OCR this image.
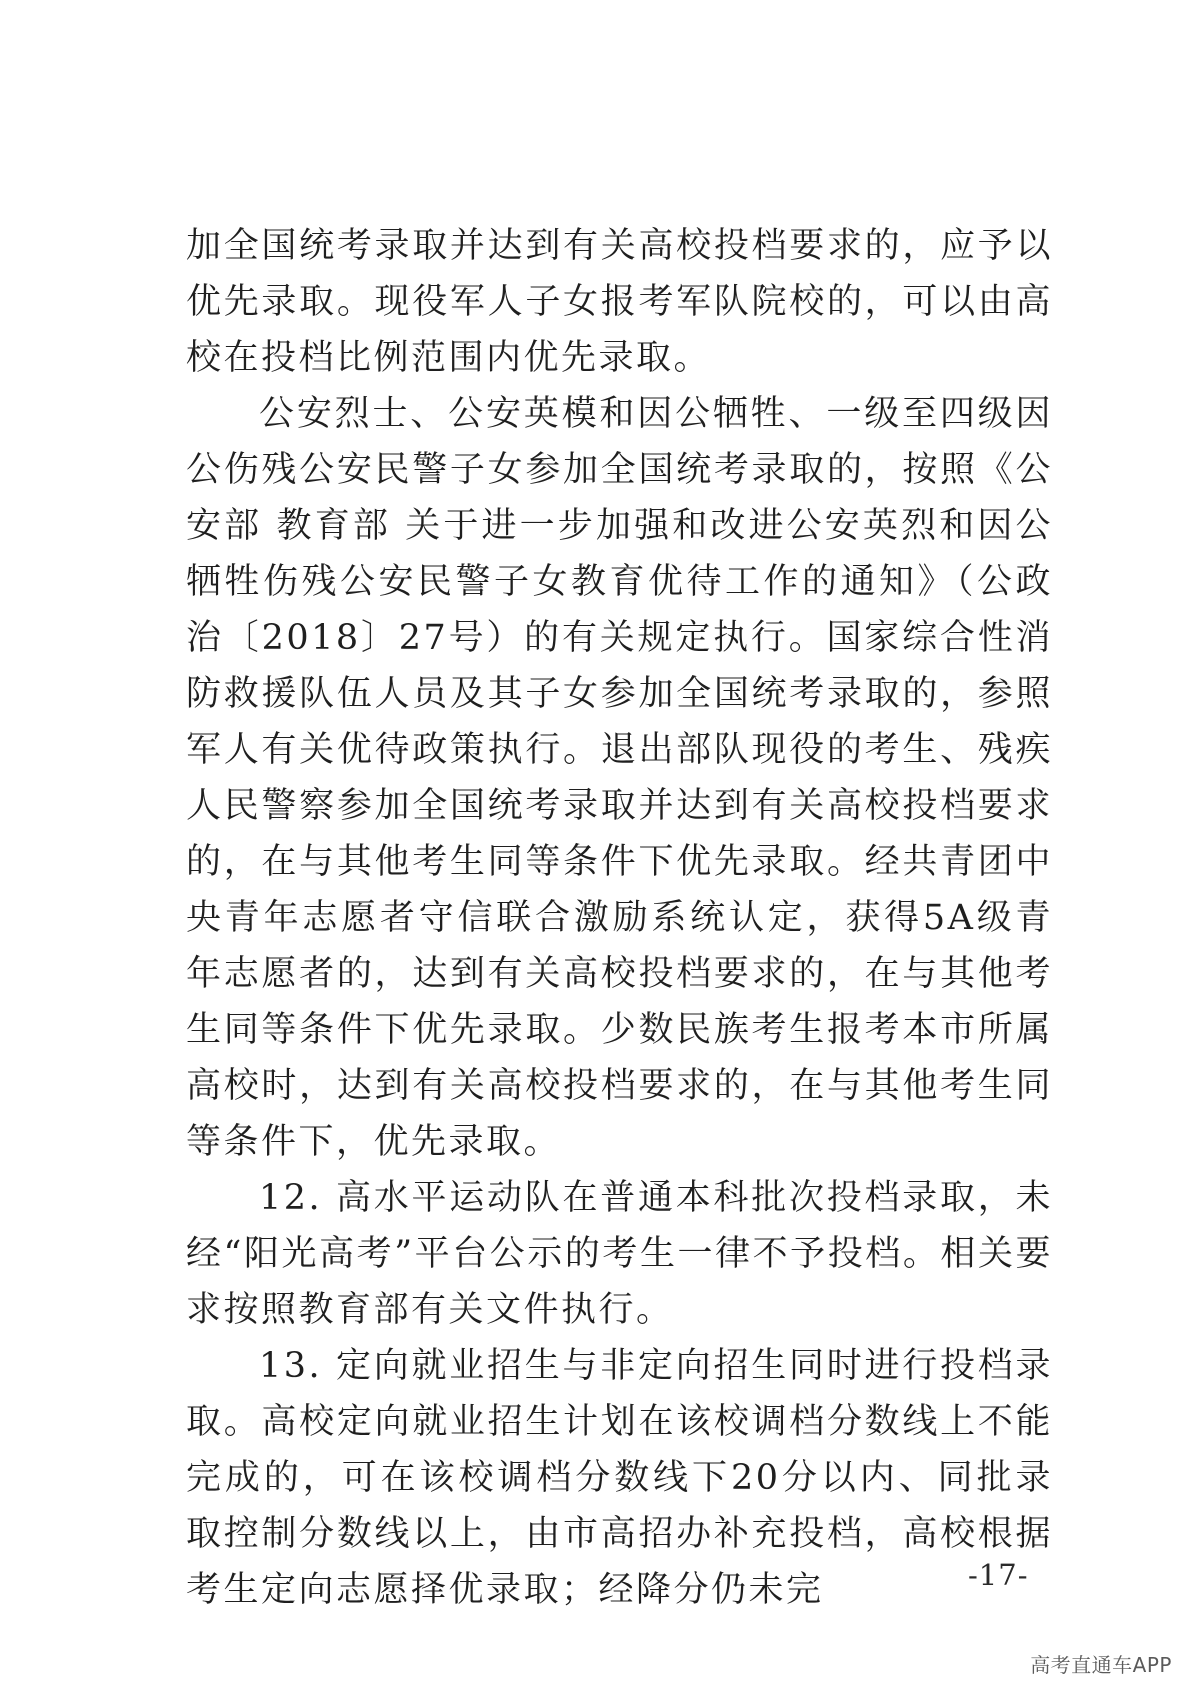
加全国统考录取并达到有关高校投档要求的，应予以优先录取。现役军人子女报考军队院校的，可以由高校在投档比例范围内优先录取。

公安烈士、公安英模和因公牺牲、一级至四级因公伤残公安民警子女参加全国统考录取的，按照《公安部 教育部 关于进一步加强和改进公安英烈和因公牺牲伤残公安民警子女教育优待工作的通知》（公政治〔2018〕27号）的有关规定执行。国家综合性消防救援队伍人员及其子女参加全国统考录取的，参照军人有关优待政策执行。退出部队现役的考生、残疾人民警察参加全国统考录取并达到有关高校投档要求的，在与其他考生同等条件下优先录取。经共青团中央青年志愿者守信联合激励系统认定，获得5A级青年志愿者的，达到有关高校投档要求的，在与其他考生同等条件下优先录取。少数民族考生报考本市所属高校时，达到有关高校投档要求的，在与其他考生同等条件下，优先录取。

12. 高水平运动队在普通本科批次投档录取，未经“阳光高考”平台公示的考生一律不予投档。相关要求按照教育部有关文件执行。

13. 定向就业招生与非定向招生同时进行投档录取。高校定向就业招生计划在该校调档分数线上不能完成的，可在该校调档分数线下20分以内、同批录取控制分数线以上，由市高招办补充投档，高校根据考生定向志愿择优录取；经降分仍未完	-17-
高考直通车APP
